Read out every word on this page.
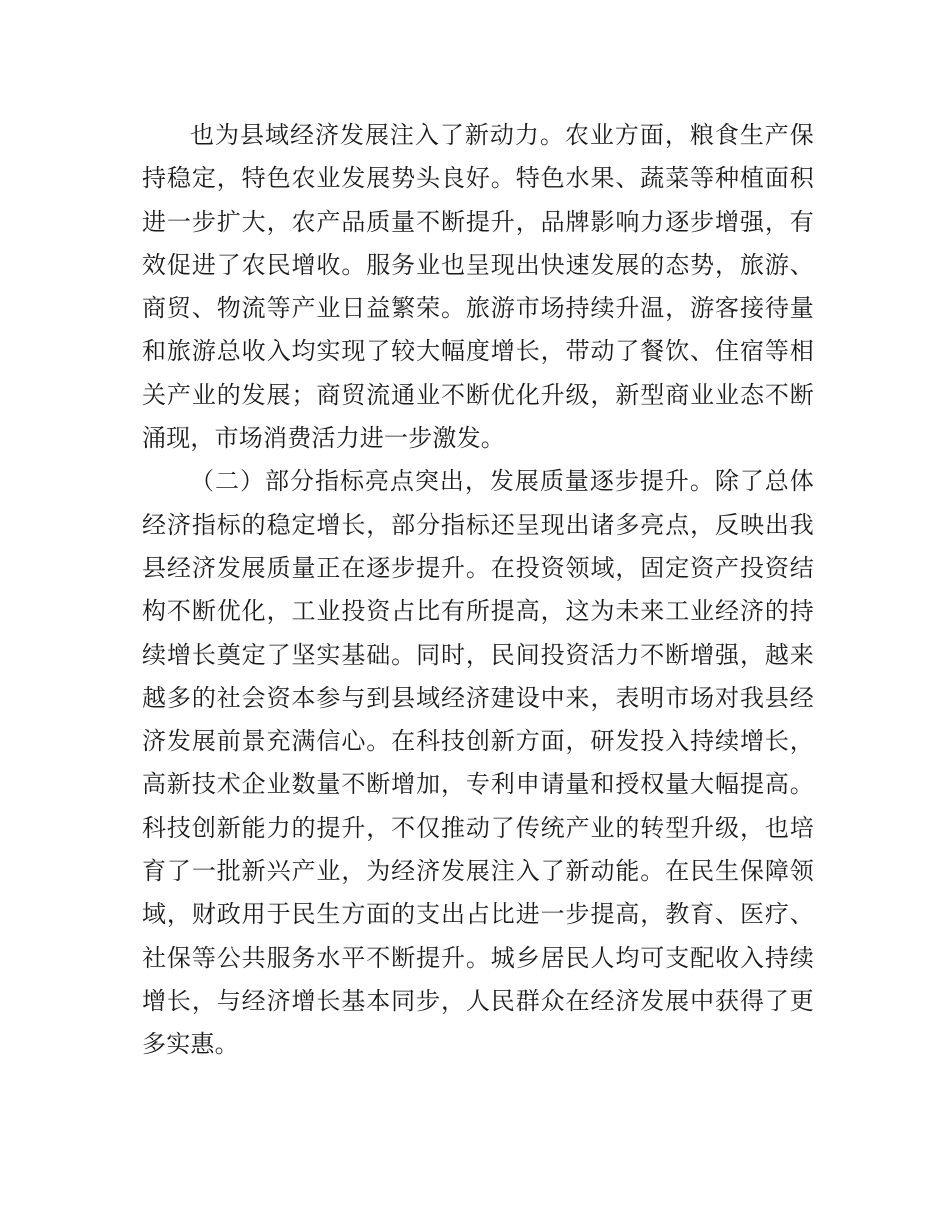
也为县域经济发展注入了新动力。农业方面，粮食生产保持稳定，特色农业发展势头良好。特色水果、蔬菜等种植面积进一步扩大，农产品质量不断提升，品牌影响力逐步增强，有效促进了农民增收。服务业也呈现出快速发展的态势，旅游、商贸、物流等产业日益繁荣。旅游市场持续升温，游客接待量和旅游总收入均实现了较大幅度增长，带动了餐饮、住宿等相关产业的发展；商贸流通业不断优化升级，新型商业业态不断涌现，市场消费活力进一步激发。

（二）部分指标亮点突出，发展质量逐步提升。除了总体经济指标的稳定增长，部分指标还呈现出诸多亮点，反映出我县经济发展质量正在逐步提升。在投资领域，固定资产投资结构不断优化，工业投资占比有所提高，这为未来工业经济的持续增长奠定了坚实基础。同时，民间投资活力不断增强，越来越多的社会资本参与到县域经济建设中来，表明市场对我县经济发展前景充满信心。在科技创新方面，研发投入持续增长，高新技术企业数量不断增加，专利申请量和授权量大幅提高。科技创新能力的提升，不仅推动了传统产业的转型升级，也培育了一批新兴产业，为经济发展注入了新动能。在民生保障领域，财政用于民生方面的支出占比进一步提高，教育、医疗、社保等公共服务水平不断提升。城乡居民人均可支配收入持续增长，与经济增长基本同步，人民群众在经济发展中获得了更多实惠。
